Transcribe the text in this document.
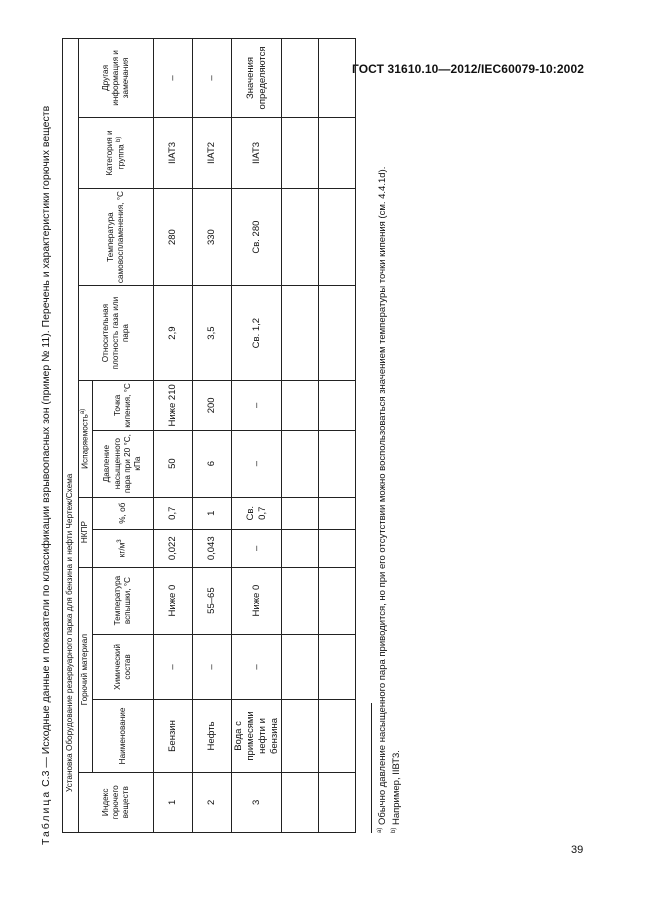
ГОСТ 31610.10—2012/IEC60079-10:2002
Таблица С.3 — Исходные данные и показатели по классификации взрывоопасных зон (пример № 11). Перечень и характеристики горючих веществ Установка Оборудование резервуарного парка для бензина и нефти Чертеж/Схема											
Индекс горючего веществ	Горючий материал			НКПР		Испаряемость$^{а)}$		Относительная плотность газа или пара	Температура самовоспламенения, °С	Категория и группа $^{b)}$	Другая информация и замечания
	Наименование	Химический состав	Температура вспышки, °С	$кг/м^3$	%, об	Давление насыщенного пара при 20 °С, кПа	Точка кипения, °С				
1	Бензин	–	Ниже 0	0,022	0,7	50	Ниже 210	2,9	280	IIAT3	–
2	Нефть	–	55–65	0,043	1	6	200	3,5	330	IIAT2	–
3	Вода с примесями нефти и бензина	–	Ниже 0	–	Св. 0,7	–	–	Св. 1,2	Св. 280	IIAT3	Значения определяются

$^{а)}$ Обычно давление насыщенного пара приводится, но при его отсутствии можно воспользоваться значением температуры точки кипения (см. 4.4.1d).
$^{b)}$ Например, IIВТ3.
39
